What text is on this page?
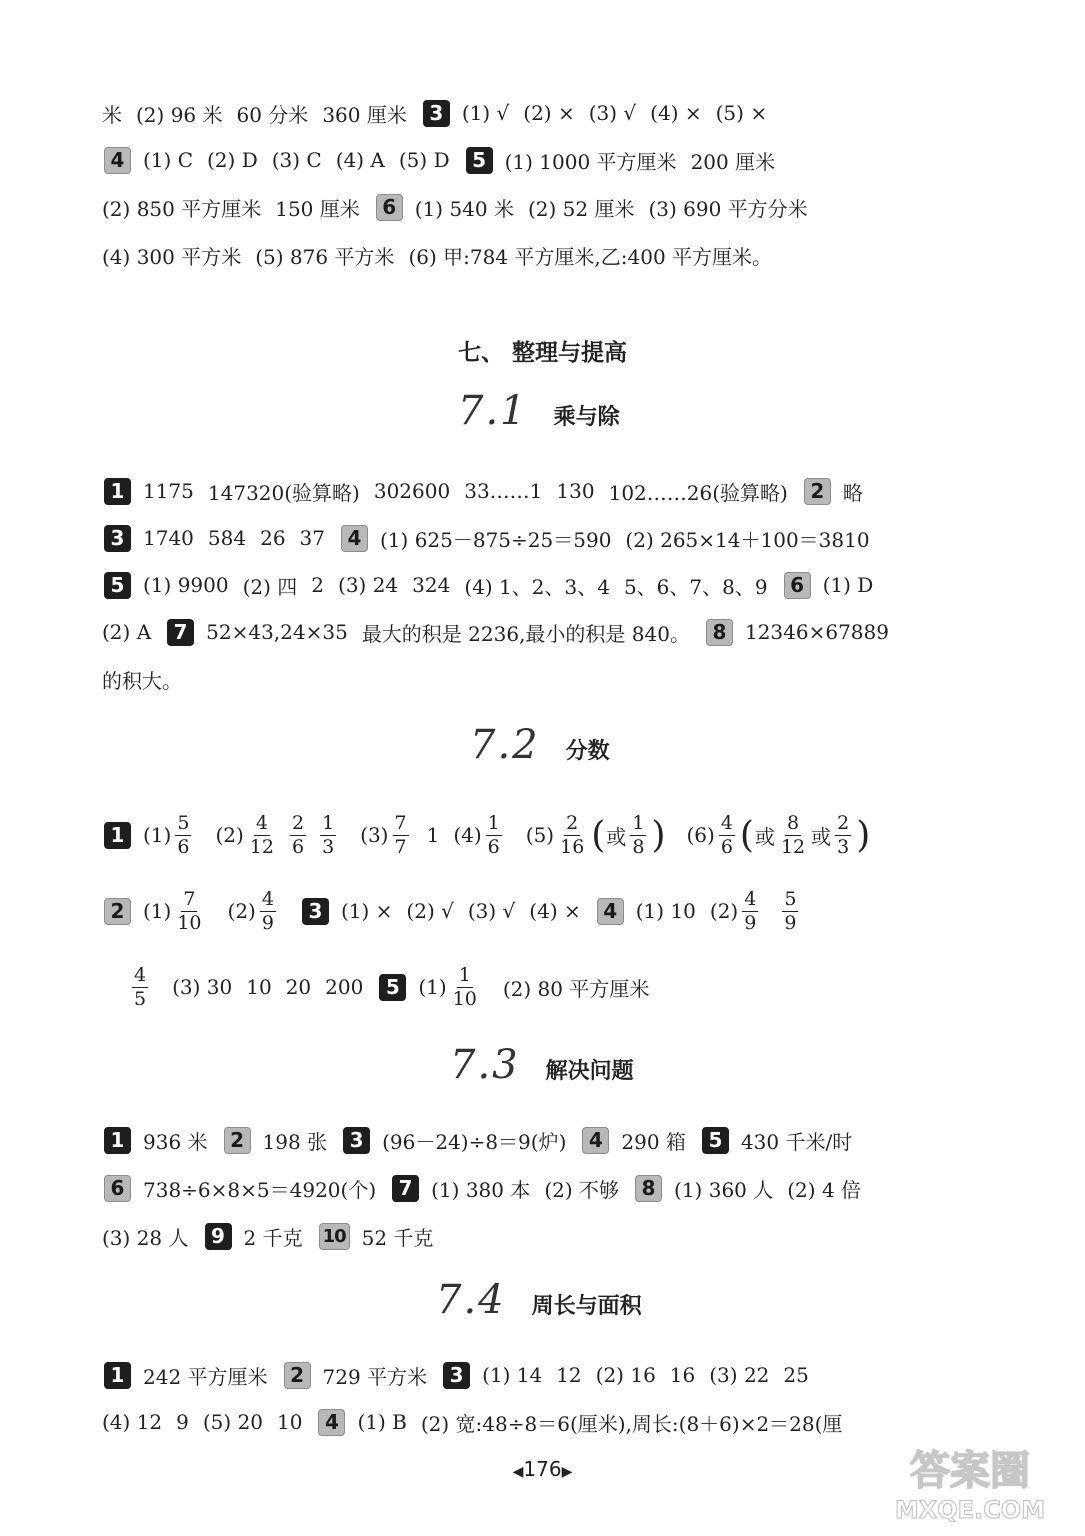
米 (2) 96 米 60 分米 360 厘米	3 (1) √ (2) × (3) √ (4) × (5) ×
4 (1) C (2) D (3) C (4) A (5) D	5 (1) 1000 平方厘米 200 厘米
(2) 850 平方厘米 150 厘米	6 (1) 540 米 (2) 52 厘米 (3) 690 平方分米
(4) 300 平方米 (5) 876 平方米 (6) 甲:784 平方厘米,乙:400 平方厘米。
七、 整理与提高
7.1 乘与除
1 1175 147320(验算略) 302600 33……1 130 102……26(验算略)	2 略
3 1740 584 26 37	4 (1) 625－875÷25＝590 (2) 265×14＋100＝3810
5 (1) 9900 (2) 四 2 (3) 24 324 (4) 1、2、3、4 5、6、7、8、9	6 (1) D
(2) A	7 52×43,24×35 最大的积是 2236,最小的积是 840。	8 12346×67889
的积大。
7.2 分数
1 $(1) \frac{5}{6} (2) \frac{4}{12} \frac{2}{6} \frac{1}{3} (3) \frac{7}{7} 1$ $(4) \frac{1}{6} (5) \frac{2}{16}$ ( 或 $\frac{1}{8}$ ) $(6) \frac{4}{6}$ ( 或 $\frac{8}{12}$ 或 $\frac{2}{3}$ )
2 $(1) \frac{7}{10} (2) \frac{4}{9}$	3 (1) × (2) √ (3) √ (4) ×	4 (1) 10 $(2) \frac{4}{9} \frac{5}{9}$
$\frac{4}{5} (3)$ 30 10 20 200	5 $(1) \frac{1}{10} (2)$ 80 平方厘米
7.3 解决问题
1 936 米	2 198 张	3 (96－24)÷8＝9(炉)	4 290 箱	5 430 千米/时
6 738÷6×8×5＝4920(个)	7 (1) 380 本 (2) 不够	8 (1) 360 人 (2) 4 倍
(3) 28 人	9 2 千克 10 52 千克
7.4 周长与面积
1 242 平方厘米	2 729 平方米	3 (1) 14 12 (2) 16 16 (3) 22 25
(4) 12 9 (5) 20 10	4 (1) B (2) 宽:48÷8＝6(厘米),周长:(8＋6)×2＝28(厘
◀176▶	答案圈
MXQE.COM
